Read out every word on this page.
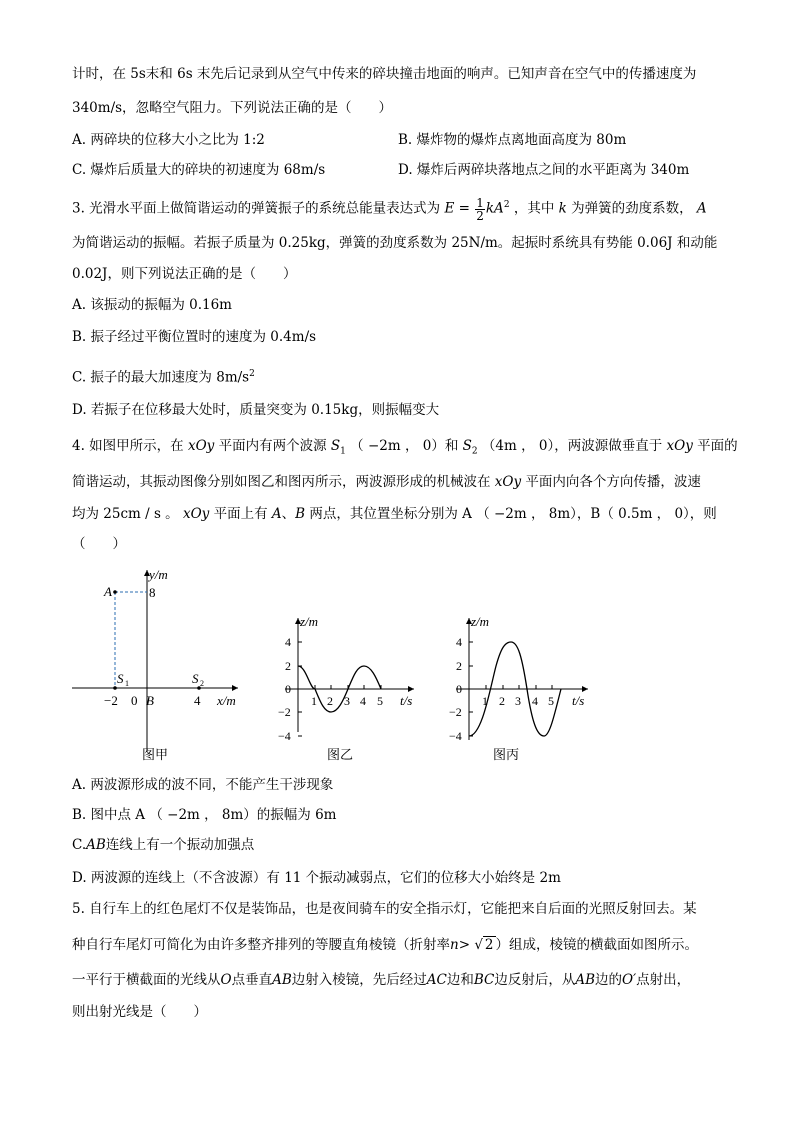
计时，在 5s末和 6s 末先后记录到从空气中传来的碎块撞击地面的响声。已知声音在空气中的传播速度为
340m/s，忽略空气阻力。下列说法正确的是（　　）
A. 两碎块的位移大小之比为 1:2	B. 爆炸物的爆炸点离地面高度为 80m
C. 爆炸后质量大的碎块的初速度为 68m/s	D. 爆炸后两碎块落地点之间的水平距离为 340m
3. 光滑水平面上做简谐运动的弹簧振子的系统总能量表达式为 $E = \frac{1}{2} kA^2$ ，其中 k 为弹簧的劲度系数， A
为简谐运动的振幅。若振子质量为 0.25kg，弹簧的劲度系数为 25N/m。起振时系统具有势能 0.06J 和动能
0.02J，则下列说法正确的是（　　）
A. 该振动的振幅为 0.16m
B. 振子经过平衡位置时的速度为 0.4m/s
C. 振子的最大加速度为 $8m/s^2$
D. 若振子在位移最大处时，质量突变为 0.15kg，则振幅变大
4. 如图甲所示，在 xOy 平面内有两个波源 $S_1$ （ −2m ， 0）和 $S_2$ （4m ， 0），两波源做垂直于 xOy 平面的
简谐运动，其振动图像分别如图乙和图丙所示，两波源形成的机械波在 xOy 平面内向各个方向传播，波速
均为 25cm / s 。 xOy 平面上有 A、B 两点，其位置坐标分别为 A （ −2m ， 8m），B（ 0.5m ， 0），则
（　　）
A
y/m
8
S 1	S 2
−2 0 B	4 x/m
图甲
z/m
4
2
0
−2
−4
1 2 3 4 5 t/s
图乙
z/m
4
2
0
−2
−4
1 2 3 4 5 t/s
图丙
A. 两波源形成的波不同，不能产生干涉现象
B. 图中点 A （ −2m ， 8m）的振幅为 6m
C.AB连线上有一个振动加强点
D. 两波源的连线上（不含波源）有 11 个振动减弱点，它们的位移大小始终是 2m
5. 自行车上的红色尾灯不仅是装饰品，也是夜间骑车的安全指示灯，它能把来自后面的光照反射回去。某
种自行车尾灯可简化为由许多整齐排列的等腰直角棱镜（折射率n> √ 2 ）组成，棱镜的横截面如图所示。
一平行于横截面的光线从O点垂直AB边射入棱镜，先后经过AC边和BC边反射后，从AB边的O′点射出，
则出射光线是（　　）
